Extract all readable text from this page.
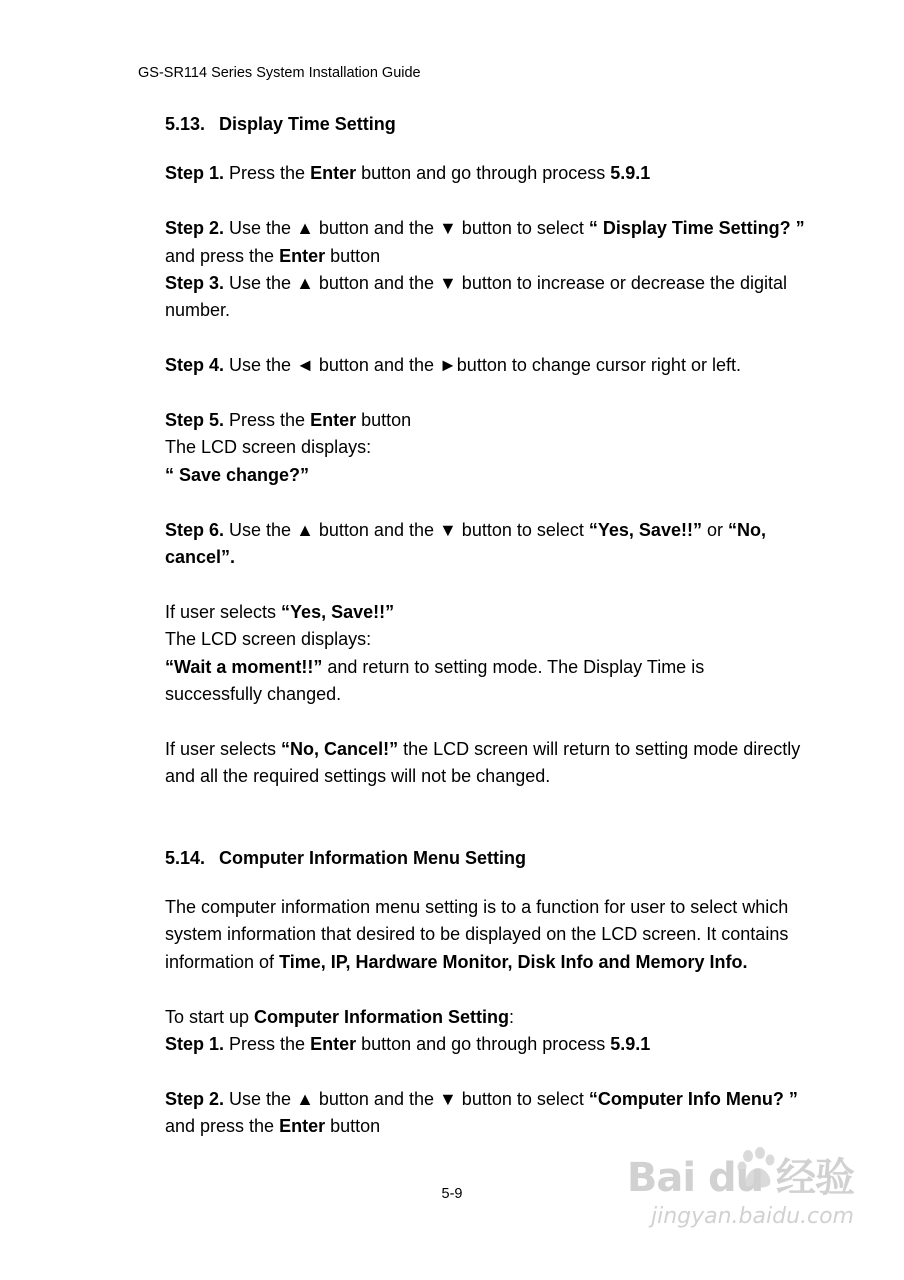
GS-SR114 Series System Installation Guide

5.13. Display Time Setting

Step 1. Press the Enter button and go through process 5.9.1

Step 2. Use the ▲ button and the ▼ button to select “ Display Time Setting? ” and press the Enter button

Step 3. Use the ▲ button and the ▼ button to increase or decrease the digital number.

Step 4. Use the ◄ button and the ►button to change cursor right or left.

Step 5. Press the Enter button

The LCD screen displays:

“ Save change?”

Step 6. Use the ▲ button and the ▼ button to select “Yes, Save!!” or “No, cancel”.

If user selects “Yes, Save!!”

The LCD screen displays:

“Wait a moment!!” and return to setting mode. The Display Time is successfully changed.

If user selects “No, Cancel!” the LCD screen will return to setting mode directly and all the required settings will not be changed.

5.14. Computer Information Menu Setting

The computer information menu setting is to a function for user to select which system information that desired to be displayed on the LCD screen. It contains information of Time, IP, Hardware Monitor, Disk Info and Memory Info.

To start up Computer Information Setting:

Step 1. Press the Enter button and go through process 5.9.1

Step 2. Use the ▲ button and the ▼ button to select “Computer Info Menu? ” and press the Enter button

5-9	Bai du 经验
jingyan.baidu.com
